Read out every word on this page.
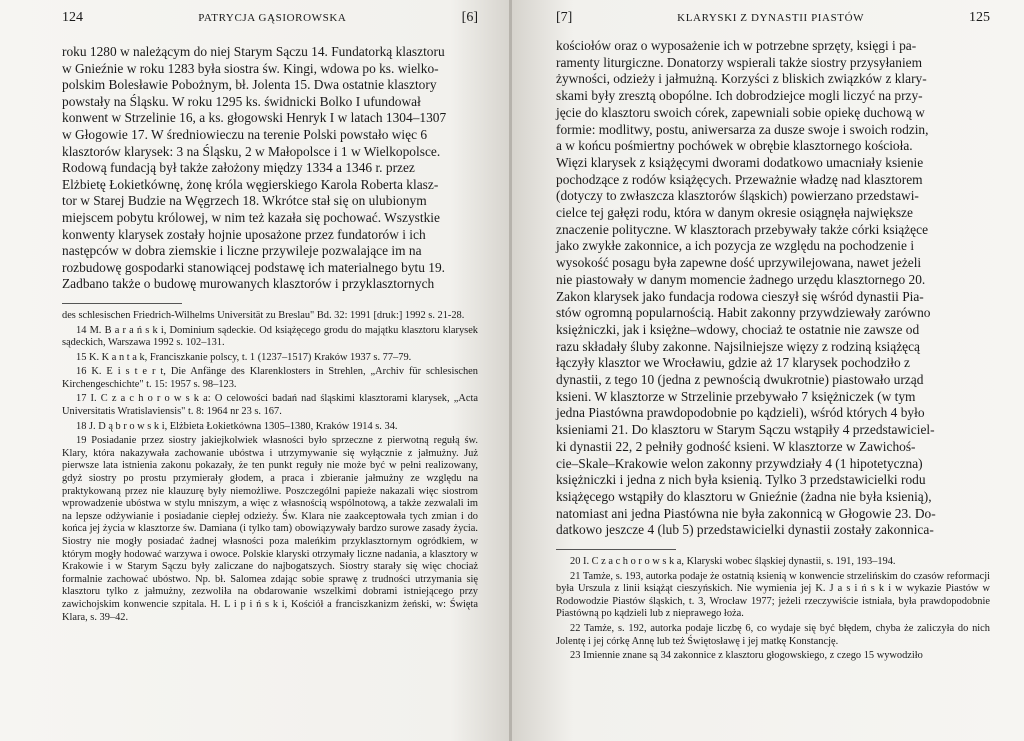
124	PATRYCJA GĄSIOROWSKA	[6]

roku 1280 w należącym do niej Starym Sączu 14. Fundatorką klasztoru

w Gnieźnie w roku 1283 była siostra św. Kingi, wdowa po ks. wielko-

polskim Bolesławie Pobożnym, bł. Jolenta 15. Dwa ostatnie klasztory

powstały na Śląsku. W roku 1295 ks. świdnicki Bolko I ufundował

konwent w Strzelinie 16, a ks. głogowski Henryk I w latach 1304–1307

w Głogowie 17. W średniowieczu na terenie Polski powstało więc 6

klasztorów klarysek: 3 na Śląsku, 2 w Małopolsce i 1 w Wielkopolsce.

Rodową fundacją był także założony między 1334 a 1346 r. przez

Elżbietę Łokietkównę, żonę króla węgierskiego Karola Roberta klasz-

tor w Starej Budzie na Węgrzech 18. Wkrótce stał się on ulubionym

miejscem pobytu królowej, w nim też kazała się pochować. Wszystkie

konwenty klarysek zostały hojnie uposażone przez fundatorów i ich

następców w dobra ziemskie i liczne przywileje pozwalające im na

rozbudowę gospodarki stanowiącej podstawę ich materialnego bytu 19.

Zadbano także o budowę murowanych klasztorów i przyklasztornych

des schlesischen Friedrich-Wilhelms Universität zu Breslau" Bd. 32: 1991 [druk:] 1992 s. 21-28.

14 M. B a r a ń s k i, Dominium sądeckie. Od książęcego grodu do majątku klasztoru klarysek sądeckich, Warszawa 1992 s. 102–131.

15 K. K a n t a k, Franciszkanie polscy, t. 1 (1237–1517) Kraków 1937 s. 77–79.

16 K. E i s t e r t, Die Anfänge des Klarenklosters in Strehlen, „Archiv für schlesischen Kirchengeschichte" t. 15: 1957 s. 98–123.

17 I. C z a c h o r o w s k a: O celowości badań nad śląskimi klasztorami klarysek, „Acta Universitatis Wratislaviensis" t. 8: 1964 nr 23 s. 167.

18 J. D ą b r o w s k i, Elżbieta Łokietkówna 1305–1380, Kraków 1914 s. 34.

19 Posiadanie przez siostry jakiejkolwiek własności było sprzeczne z pierwotną regułą św. Klary, która nakazywała zachowanie ubóstwa i utrzymywanie się wyłącznie z jałmużny. Już pierwsze lata istnienia zakonu pokazały, że ten punkt reguły nie może być w pełni realizowany, gdyż siostry po prostu przymierały głodem, a praca i zbieranie jałmużny ze względu na praktykowaną przez nie klauzurę były niemożliwe. Poszczególni papieże nakazali więc siostrom wprowadzenie ubóstwa w stylu mniszym, a więc z własnością wspólnotową, a także zezwalali im na lepsze odżywianie i posiadanie ciepłej odzieży. Św. Klara nie zaakceptowała tych zmian i do końca jej życia w klasztorze św. Damiana (i tylko tam) obowiązywały bardzo surowe zasady życia. Siostry nie mogły posiadać żadnej własności poza maleńkim przyklasztornym ogródkiem, w którym mogły hodować warzywa i owoce. Polskie klaryski otrzymały liczne nadania, a klasztory w Krakowie i w Starym Sączu były zaliczane do najbogatszych. Siostry starały się więc chociaż formalnie zachować ubóstwo. Np. bł. Salomea zdając sobie sprawę z trudności utrzymania się klasztoru tylko z jałmużny, zezwoliła na obdarowanie wszelkimi dobrami istniejącego przy zawichojskim konwencie szpitala. H. L i p i ń s k i, Kościół a franciszkanizm żeński, w: Święta Klara, s. 39–42.

[7]	KLARYSKI Z DYNASTII PIASTÓW	125

kościołów oraz o wyposażenie ich w potrzebne sprzęty, księgi i pa-

ramenty liturgiczne. Donatorzy wspierali także siostry przysyłaniem

żywności, odzieży i jałmużną. Korzyści z bliskich związków z klary-

skami były zresztą obopólne. Ich dobrodziejce mogli liczyć na przy-

jęcie do klasztoru swoich córek, zapewniali sobie opiekę duchową w

formie: modlitwy, postu, aniwersarza za dusze swoje i swoich rodzin,

a w końcu pośmiertny pochówek w obrębie klasztornego kościoła.

Więzi klarysek z książęcymi dworami dodatkowo umacniały ksienie

pochodzące z rodów książęcych. Przeważnie władzę nad klasztorem

(dotyczy to zwłaszcza klasztorów śląskich) powierzano przedstawi-

cielce tej gałęzi rodu, która w danym okresie osiągnęła największe

znaczenie polityczne. W klasztorach przebywały także córki książęce

jako zwykłe zakonnice, a ich pozycja ze względu na pochodzenie i

wysokość posagu była zapewne dość uprzywilejowana, nawet jeżeli

nie piastowały w danym momencie żadnego urzędu klasztornego 20.

Zakon klarysek jako fundacja rodowa cieszył się wśród dynastii Pia-

stów ogromną popularnością. Habit zakonny przywdziewały zarówno

księżniczki, jak i księżne–wdowy, chociaż te ostatnie nie zawsze od

razu składały śluby zakonne. Najsilniejsze więzy z rodziną książęcą

łączyły klasztor we Wrocławiu, gdzie aż 17 klarysek pochodziło z

dynastii, z tego 10 (jedna z pewnością dwukrotnie) piastowało urząd

ksieni. W klasztorze w Strzelinie przebywało 7 księżniczek (w tym

jedna Piastówna prawdopodobnie po kądzieli), wśród których 4 było

ksieniami 21. Do klasztoru w Starym Sączu wstąpiły 4 przedstawiciel-

ki dynastii 22, 2 pełniły godność ksieni. W klasztorze w Zawichoś-

cie–Skale–Krakowie welon zakonny przywdziały 4 (1 hipotetyczna)

księżniczki i jedna z nich była ksienią. Tylko 3 przedstawicielki rodu

książęcego wstąpiły do klasztoru w Gnieźnie (żadna nie była ksienią),

natomiast ani jedna Piastówna nie była zakonnicą w Głogowie 23. Do-

datkowo jeszcze 4 (lub 5) przedstawicielki dynastii zostały zakonnica-

20 I. C z a c h o r o w s k a, Klaryski wobec śląskiej dynastii, s. 191, 193–194.

21 Tamże, s. 193, autorka podaje że ostatnią ksienią w konwencie strzelińskim do czasów reformacji była Urszula z linii książąt cieszyńskich. Nie wymienia jej K. J a s i ń s k i w wykazie Piastów w Rodowodzie Piastów śląskich, t. 3, Wrocław 1977; jeżeli rzeczywiście istniała, była prawdopodobnie Piastówną po kądzieli lub z nieprawego łoża.

22 Tamże, s. 192, autorka podaje liczbę 6, co wydaje się być błędem, chyba że zaliczyła do nich Jolentę i jej córkę Annę lub też Świętosławę i jej matkę Konstancję.

23 Imiennie znane są 34 zakonnice z klasztoru głogowskiego, z czego 15 wywodziło
